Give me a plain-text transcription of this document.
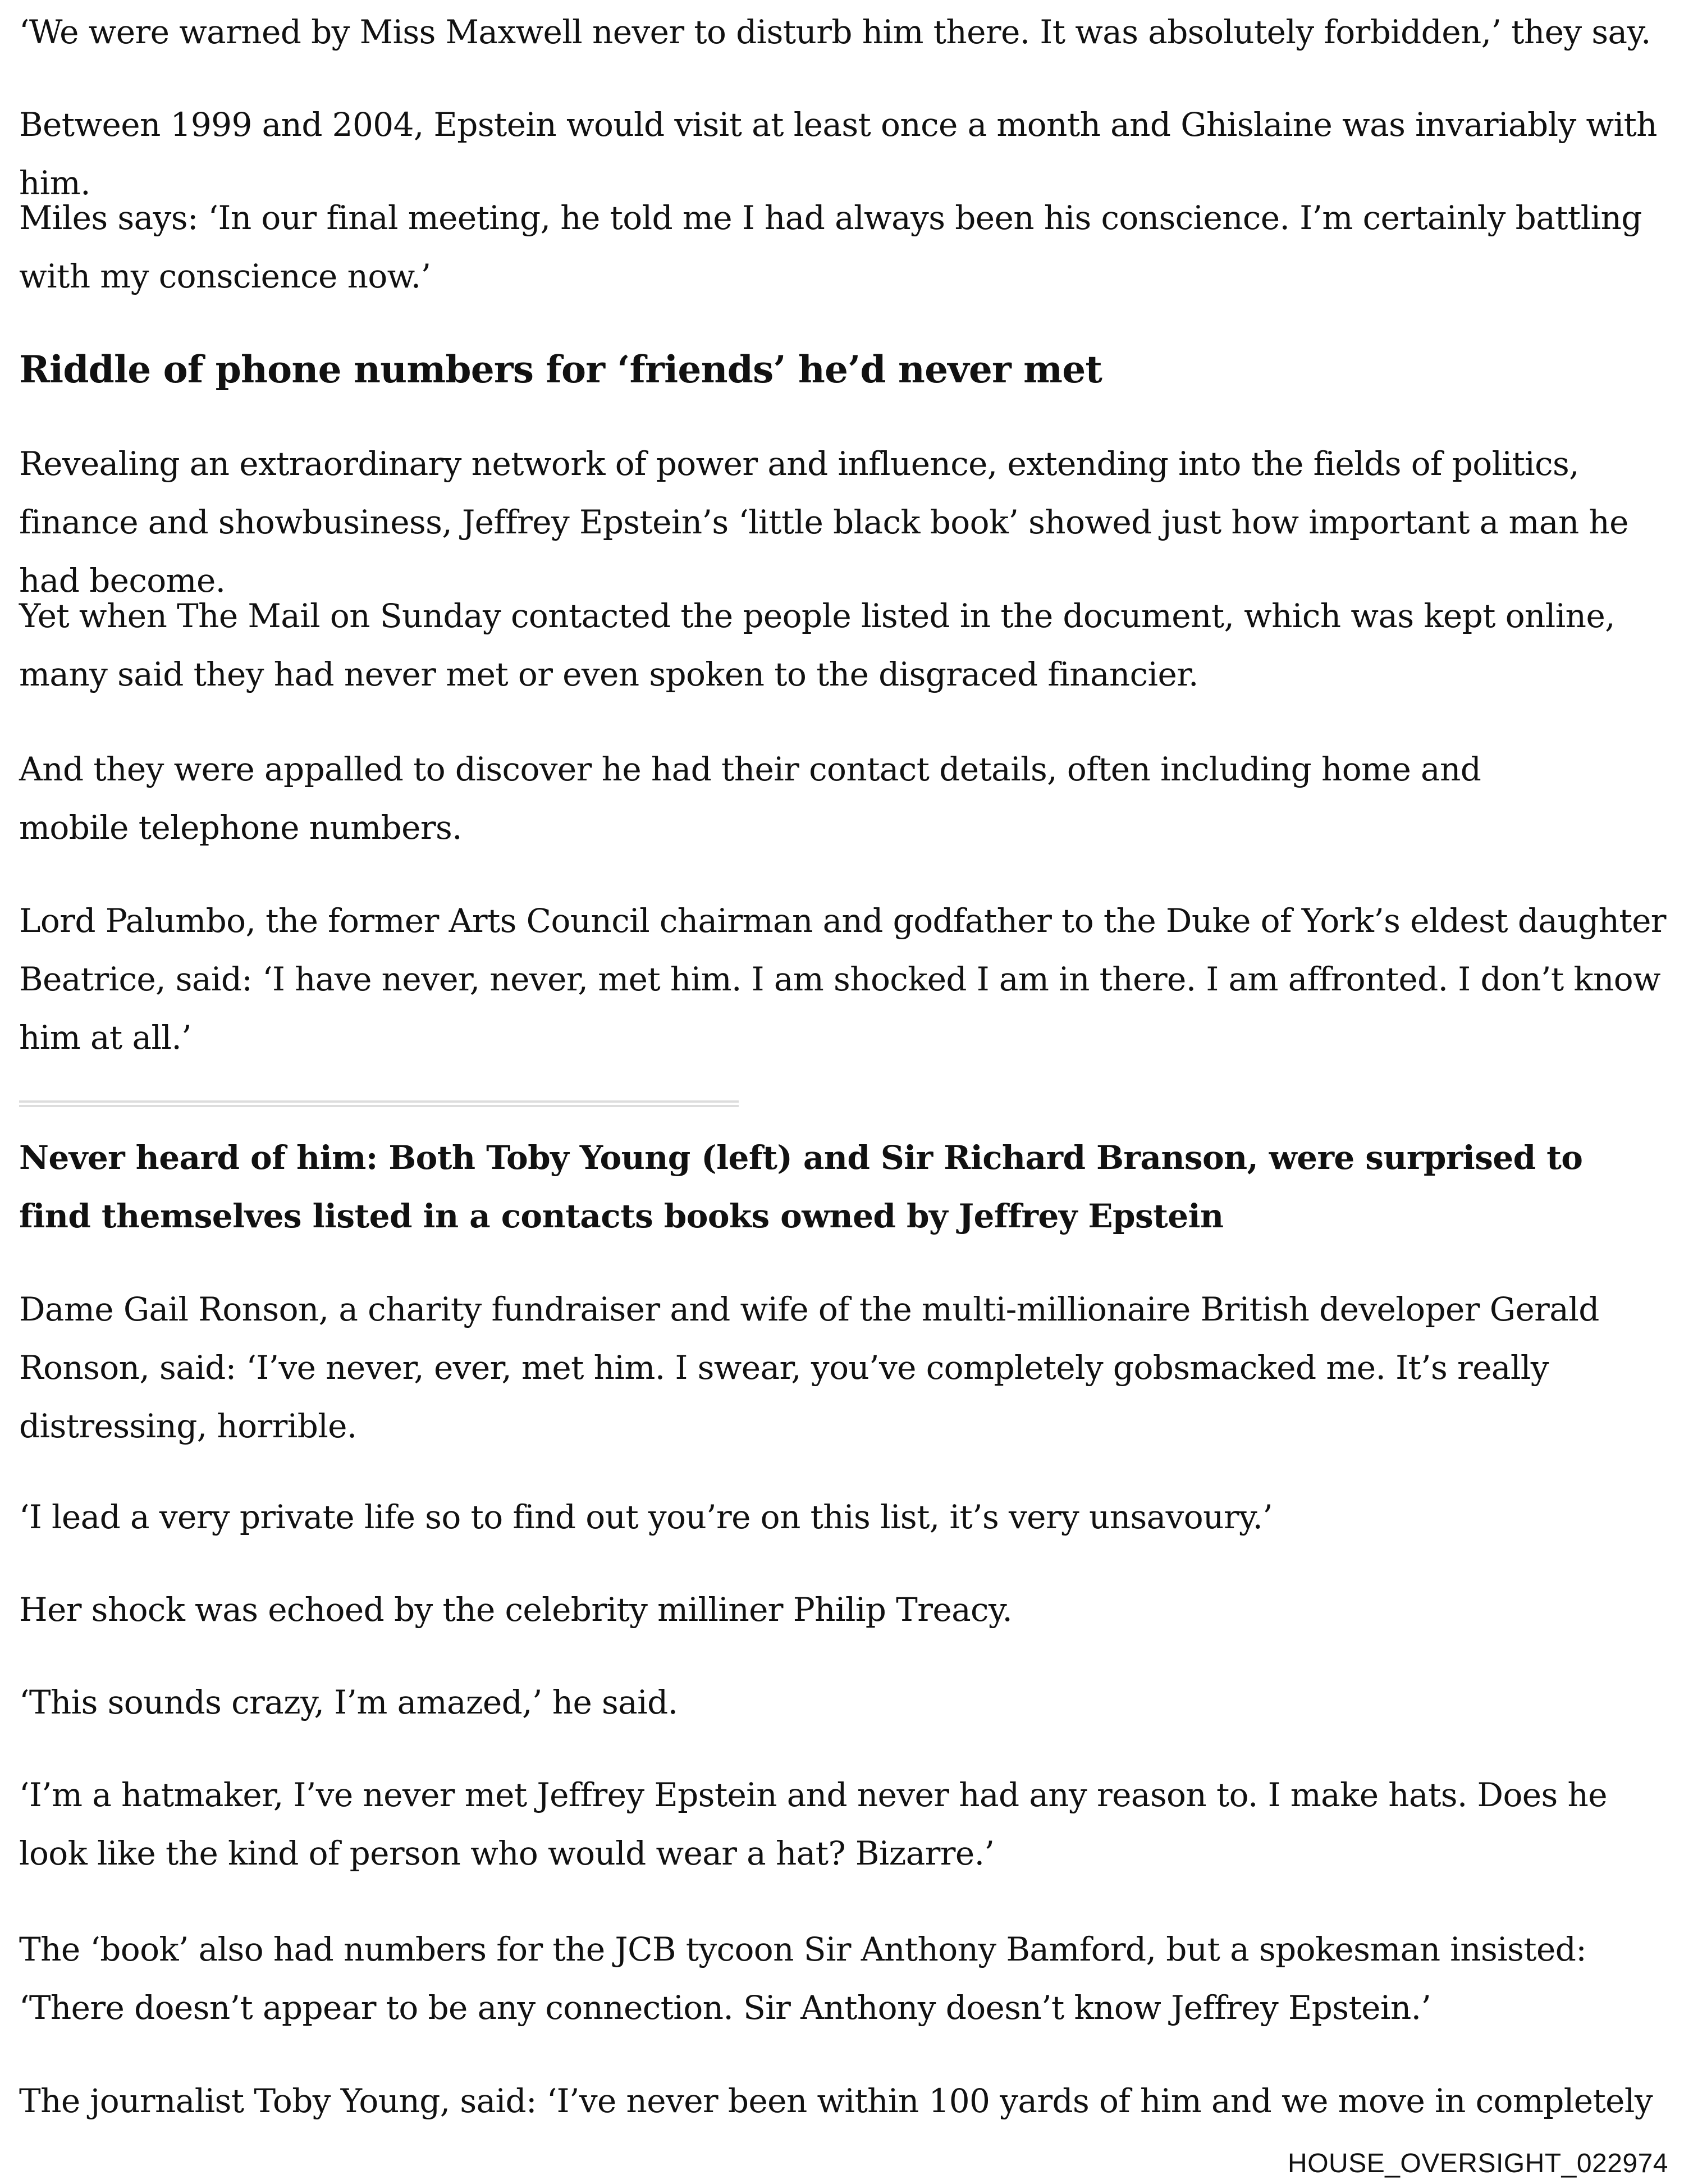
‘We were warned by Miss Maxwell never to disturb him there. It was absolutely forbidden,’ they say.

Between 1999 and 2004, Epstein would visit at least once a month and Ghislaine was invariably with him.

Miles says: ‘In our final meeting, he told me I had always been his conscience. I’m certainly battling with my conscience now.’

Riddle of phone numbers for ‘friends’ he’d never met

Revealing an extraordinary network of power and influence, extending into the fields of politics, finance and showbusiness, Jeffrey Epstein’s ‘little black book’ showed just how important a man he had become.

Yet when The Mail on Sunday contacted the people listed in the document, which was kept online, many said they had never met or even spoken to the disgraced financier.

And they were appalled to discover he had their contact details, often including home and mobile telephone numbers.

Lord Palumbo, the former Arts Council chairman and godfather to the Duke of York’s eldest daughter Beatrice, said: ‘I have never, never, met him. I am shocked I am in there. I am affronted. I don’t know him at all.’

Never heard of him: Both Toby Young (left) and Sir Richard Branson, were surprised to find themselves listed in a contacts books owned by Jeffrey Epstein

Dame Gail Ronson, a charity fundraiser and wife of the multi-millionaire British developer Gerald Ronson, said: ‘I’ve never, ever, met him. I swear, you’ve completely gobsmacked me. It’s really distressing, horrible.

‘I lead a very private life so to find out you’re on this list, it’s very unsavoury.’

Her shock was echoed by the celebrity milliner Philip Treacy.

‘This sounds crazy, I’m amazed,’ he said.

‘I’m a hatmaker, I’ve never met Jeffrey Epstein and never had any reason to. I make hats. Does he look like the kind of person who would wear a hat? Bizarre.’

The ‘book’ also had numbers for the JCB tycoon Sir Anthony Bamford, but a spokesman insisted: ‘There doesn’t appear to be any connection. Sir Anthony doesn’t know Jeffrey Epstein.’

The journalist Toby Young, said: ‘I’ve never been within 100 yards of him and we move in completely

HOUSE_OVERSIGHT_022974
